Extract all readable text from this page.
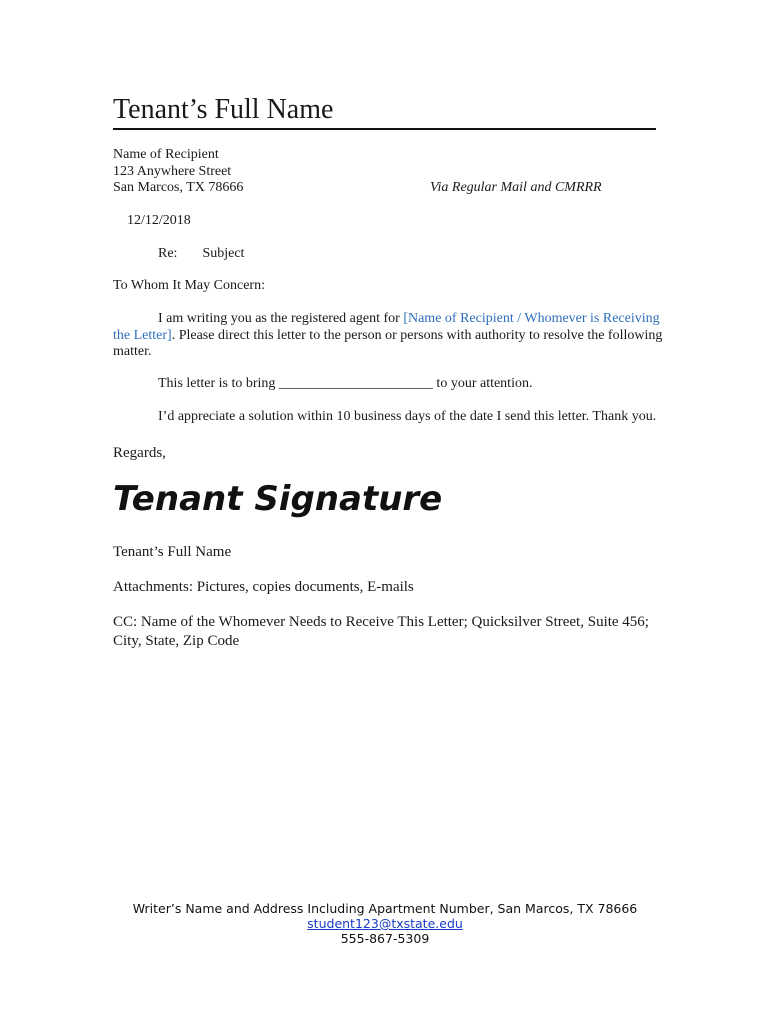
Tenant’s Full Name
Name of Recipient
123 Anywhere Street
San Marcos, TX 78666	Via Regular Mail and CMRRR
12/12/2018
Re: Subject
To Whom It May Concern:
I am writing you as the registered agent for [Name of Recipient / Whomever is Receiving
the Letter]. Please direct this letter to the person or persons with authority to resolve the following
matter.
This letter is to bring ______________________ to your attention.
I’d appreciate a solution within 10 business days of the date I send this letter. Thank you.
Regards,
Tenant Signature
Tenant’s Full Name
Attachments: Pictures, copies documents, E-mails
CC: Name of the Whomever Needs to Receive This Letter; Quicksilver Street, Suite 456;
City, State, Zip Code
Writer’s Name and Address Including Apartment Number, San Marcos, TX 78666
student123@txstate.edu
555-867-5309
